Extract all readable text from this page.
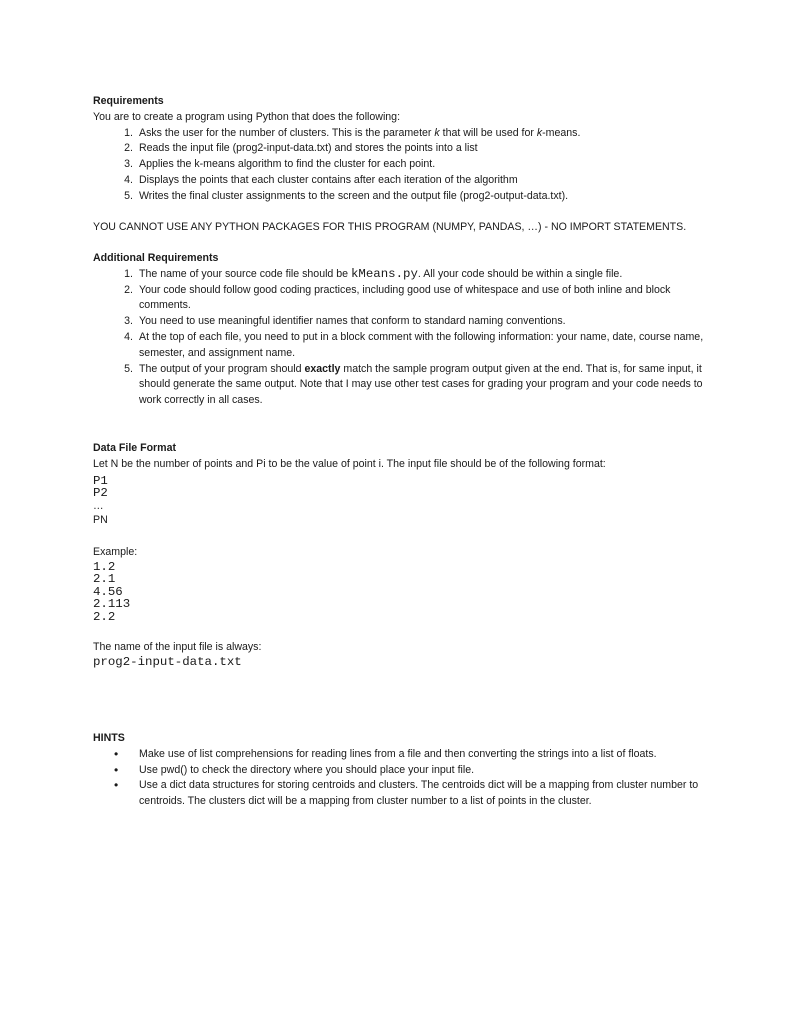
Requirements

You are to create a program using Python that does the following:

1. Asks the user for the number of clusters. This is the parameter k that will be used for k-means.
2. Reads the input file (prog2-input-data.txt) and stores the points into a list
3. Applies the k-means algorithm to find the cluster for each point.
4. Displays the points that each cluster contains after each iteration of the algorithm
5. Writes the final cluster assignments to the screen and the output file (prog2-output-data.txt).

YOU CANNOT USE ANY PYTHON PACKAGES FOR THIS PROGRAM (NUMPY, PANDAS, …) - NO IMPORT STATEMENTS.

Additional Requirements
1. The name of your source code file should be kMeans.py. All your code should be within a single file.
2. Your code should follow good coding practices, including good use of whitespace and use of both inline and block comments.
3. You need to use meaningful identifier names that conform to standard naming conventions.
4. At the top of each file, you need to put in a block comment with the following information: your name, date, course name, semester, and assignment name.
5. The output of your program should exactly match the sample program output given at the end. That is, for same input, it should generate the same output. Note that I may use other test cases for grading your program and your code needs to work correctly in all cases.
Data File Format

Let N be the number of points and Pi to be the value of point i. The input file should be of the following format:

P1
P2
…
PN

Example:

1.2
2.1
4.56
2.113
2.2

The name of the input file is always:

prog2-input-data.txt
HINTS
• Make use of list comprehensions for reading lines from a file and then converting the strings into a list of floats.
• Use pwd() to check the directory where you should place your input file.
• Use a dict data structures for storing centroids and clusters. The centroids dict will be a mapping from cluster number to centroids. The clusters dict will be a mapping from cluster number to a list of points in the cluster.
